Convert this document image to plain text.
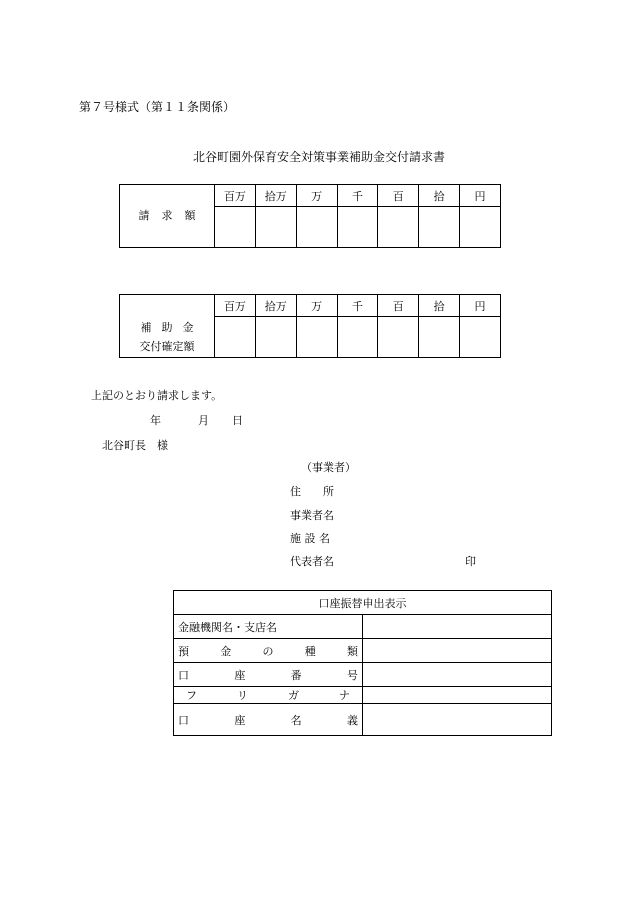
第７号様式（第１１条関係）
北谷町園外保育安全対策事業補助金交付請求書
	百万	拾万	万	千	百	拾	円
請求額							
	百万	拾万	万	千	百	拾	円

補助金
交付確定額							

上記のとおり請求します。
年	月 日
北谷町長　様
（事業者）
住　　所
事業者名
施 設 名
代表者名	印
口座振替申出表示	
金融機関名・支店名	

預 金 の 種 類	

口 座 番 号	

フ リ ガ ナ	

口 座 名 義	
